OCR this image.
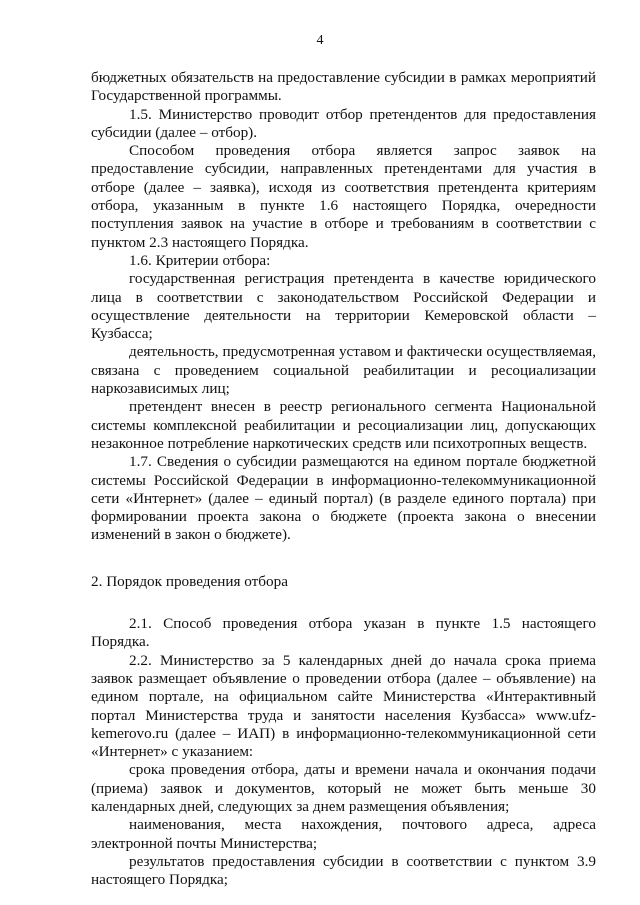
4

бюджетных обязательств на предоставление субсидии в рамках мероприятий Государственной программы.

1.5. Министерство проводит отбор претендентов для предоставления субсидии (далее – отбор).

Способом проведения отбора является запрос заявок на предоставление субсидии, направленных претендентами для участия в отборе (далее – заявка), исходя из соответствия претендента критериям отбора, указанным в пункте 1.6 настоящего Порядка, очередности поступления заявок на участие в отборе и требованиям в соответствии с пунктом 2.3 настоящего Порядка.

1.6. Критерии отбора:

государственная регистрация претендента в качестве юридического лица в соответствии с законодательством Российской Федерации и осуществление деятельности на территории Кемеровской области – Кузбасса;

деятельность, предусмотренная уставом и фактически осуществляемая, связана с проведением социальной реабилитации и ресоциализации наркозависимых лиц;

претендент внесен в реестр регионального сегмента Национальной системы комплексной реабилитации и ресоциализации лиц, допускающих незаконное потребление наркотических средств или психотропных веществ.

1.7. Сведения о субсидии размещаются на едином портале бюджетной системы Российской Федерации в информационно-телекоммуникационной сети «Интернет» (далее – единый портал) (в разделе единого портала) при формировании проекта закона о бюджете (проекта закона о внесении изменений в закон о бюджете).

2. Порядок проведения отбора

2.1. Способ проведения отбора указан в пункте 1.5 настоящего Порядка.

2.2. Министерство за 5 календарных дней до начала срока приема заявок размещает объявление о проведении отбора (далее – объявление) на едином портале, на официальном сайте Министерства «Интерактивный портал Министерства труда и занятости населения Кузбасса» www.ufz-kemerovo.ru (далее – ИАП) в информационно-телекоммуникационной сети «Интернет» с указанием:

срока проведения отбора, даты и времени начала и окончания подачи (приема) заявок и документов, который не может быть меньше 30 календарных дней, следующих за днем размещения объявления;

наименования, места нахождения, почтового адреса, адреса электронной почты Министерства;

результатов предоставления субсидии в соответствии с пунктом 3.9 настоящего Порядка;
